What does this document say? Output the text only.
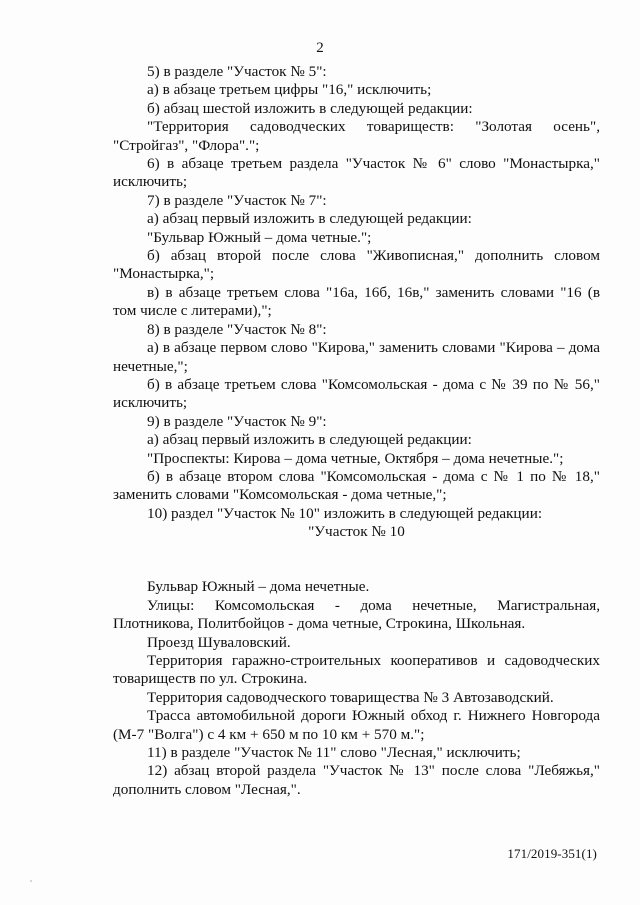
2

5) в разделе "Участок № 5":

а) в абзаце третьем цифры "16," исключить;

б) абзац шестой изложить в следующей редакции:

"Территория садоводческих товариществ: "Золотая осень", "Стройгаз", "Флора".";

6) в абзаце третьем раздела "Участок № 6" слово "Монастырка," исключить;

7) в разделе "Участок № 7":

а) абзац первый изложить в следующей редакции:

"Бульвар Южный – дома четные.";

б) абзац второй после слова "Живописная," дополнить словом "Монастырка,";

в) в абзаце третьем слова "16а, 16б, 16в," заменить словами "16 (в том числе с литерами),";

8) в разделе "Участок № 8":

а) в абзаце первом слово "Кирова," заменить словами "Кирова – дома нечетные,";

б) в абзаце третьем слова "Комсомольская - дома с № 39 по № 56," исключить;

9) в разделе "Участок № 9":

а) абзац первый изложить в следующей редакции:

"Проспекты: Кирова – дома четные, Октября – дома нечетные.";

б) в абзаце втором слова "Комсомольская - дома с № 1 по № 18," заменить словами "Комсомольская - дома четные,";

10) раздел "Участок № 10" изложить в следующей редакции:

"Участок № 10

Бульвар Южный – дома нечетные.

Улицы: Комсомольская - дома нечетные, Магистральная, Плотникова, Политбойцов - дома четные, Строкина, Школьная.

Проезд Шуваловский.

Территория гаражно-строительных кооперативов и садоводческих товариществ по ул. Строкина.

Территория садоводческого товарищества № 3 Автозаводский.

Трасса автомобильной дороги Южный обход г. Нижнего Новгорода (М-7 "Волга") с 4 км + 650 м по 10 км + 570 м.";

11) в разделе "Участок № 11" слово "Лесная," исключить;

12) абзац второй раздела "Участок № 13" после слова "Лебяжья," дополнить словом "Лесная,".

171/2019-351(1)
